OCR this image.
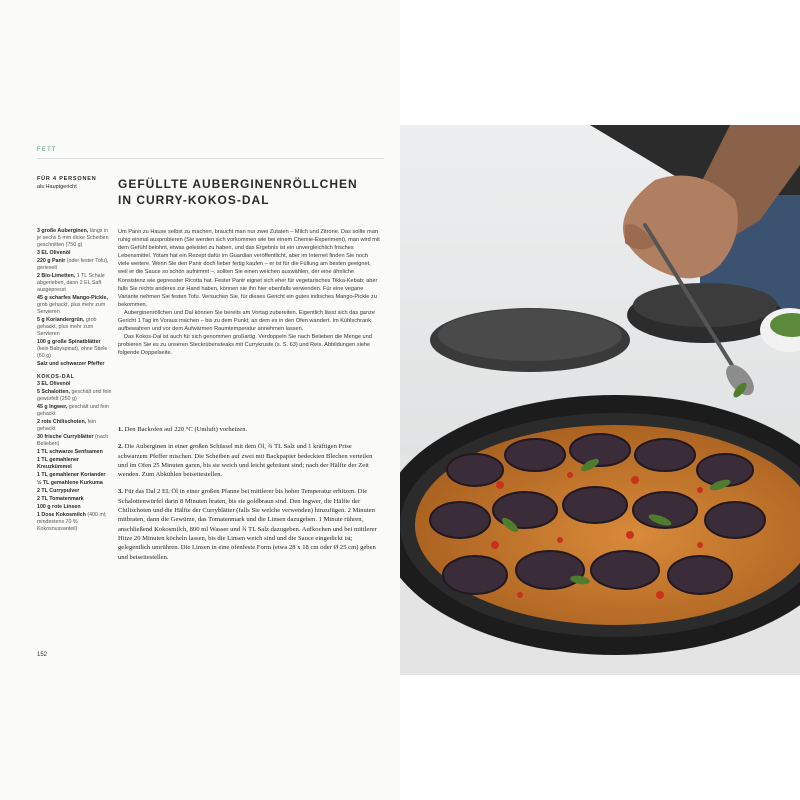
FETT
FÜR 4 PERSONEN
als Hauptgericht	GEFÜLLTE AUBERGINENRÖLLCHEN
IN CURRY-KOKOS-DAL
3 große Auberginen, längs in je sechs 5 mm dicke Scheiben geschnitten (750 g)
3 EL Olivenöl
220 g Panir (oder fester Tofu), gerieselt
2 Bio-Limetten, 1 TL Schale abgerieben, dann 2 EL Saft ausgepresst
45 g scharfes Mango-Pickle, grob gehackt, plus mehr zum Servieren
5 g Koriandergrün, grob gehackt, plus mehr zum Servieren
100 g große Spinatblätter (kein Babyspinat), ohne Stiele (60 g)
Salz und schwarzer Pfeffer
KOKOS-DAL
3 EL Olivenöl
5 Schalotten, geschält und fein gewürfelt (250 g)
45 g Ingwer, geschält und fein gehackt
2 rote Chilischoten, fein gehackt
30 frische Curryblätter (nach Belieben)
1 TL schwarze Senfsamen
1 TL gemahlener Kreuzkümmel
1 TL gemahlener Koriander
½ TL gemahlene Kurkuma
2 TL Currypulver
2 TL Tomatenmark
100 g rote Linsen
1 Dose Kokosmilch (400 ml; mindestens 70 % Kokosnussanteil)

Um Panir zu Hause selbst zu machen, braucht man nur zwei Zutaten – Milch und Zitrone. Das sollte man ruhig einmal ausprobieren (Sie werden sich vorkommen wie bei einem Chemie-Experiment), man wird mit dem Gefühl belohnt, etwas geleistet zu haben, und das Ergebnis ist ein unvergleichlich frisches Lebensmittel. Yotam hat ein Rezept dafür im Guardian veröffentlicht, aber im Internet finden Sie noch viele weitere. Wenn Sie den Panir doch lieber fertig kaufen – er ist für die Füllung am besten geeignet, weil er die Sauce so schön aufnimmt –, sollten Sie einen weichen auswählen, der eine ähnliche Konsistenz wie gepresster Ricotta hat. Fester Panir eignet sich eher für vegetarisches Tikka-Kebab; aber falls Sie nichts anderes zur Hand haben, können sie ihn hier ebenfalls verwenden. Für eine vegane Variante nehmen Sie festen Tofu. Versuchen Sie, für dieses Gericht ein gutes indisches Mango-Pickle zu bekommen.

Auberginenröllchen und Dal können Sie bereits am Vortag zubereiten. Eigentlich lässt sich das ganze Gericht 1 Tag im Voraus machen – bis zu dem Punkt, an dem es in den Ofen wandert. Im Kühlschrank aufbewahren und vor dem Aufwärmen Raumtemperatur annehmen lassen.

Das Kokos-Dal ist auch für sich genommen großartig. Verdoppeln Sie nach Belieben die Menge und probieren Sie es zu unseren Steckrübensteaks mit Currykruste (s. S. 63) und Reis. Abbildungen siehe folgende Doppelseite.

1. Den Backofen auf 220 °C (Umluft) vorheizen.

2. Die Auberginen in einer großen Schüssel mit dem Öl, ¾ TL Salz und 1 kräftigen Prise schwarzem Pfeffer mischen. Die Scheiben auf zwei mit Backpapier bedeckten Blechen verteilen und im Ofen 25 Minuten garen, bis sie weich und leicht gebräunt sind; nach der Hälfte der Zeit wenden. Zum Abkühlen beiseitestellen.

3. Für das Dal 2 EL Öl in einer großen Pfanne bei mittlerer bis hoher Temperatur erhitzen. Die Schalottenwürfel darin 8 Minuten braten, bis sie goldbraun sind. Den Ingwer, die Hälfte der Chilischoten und die Hälfte der Curryblätter (falls Sie welche verwenden) hinzufügen. 2 Minuten mitbraten, dann die Gewürze, das Tomatenmark und die Linsen dazugeben. 1 Minute rühren, anschließend Kokosmilch, 800 ml Wasser und ¾ TL Salz dazugeben. Aufkochen und bei mittlerer Hitze 20 Minuten köcheln lassen, bis die Linsen weich sind und die Sauce eingedickt ist; gelegentlich umrühren. Die Linsen in eine ofenfeste Form (etwa 28 x 18 cm oder Ø 25 cm) geben und beiseitestellen.

152
